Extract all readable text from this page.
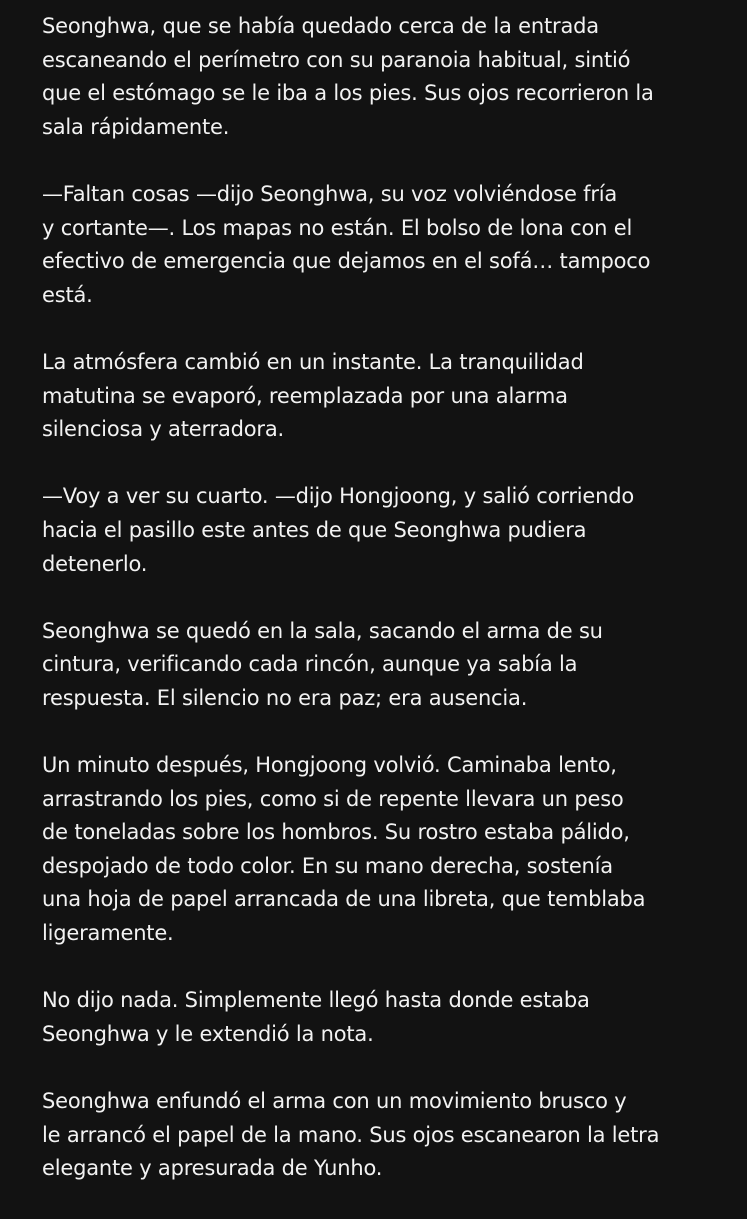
Seonghwa, que se había quedado cerca de la entrada
escaneando el perímetro con su paranoia habitual, sintió
que el estómago se le iba a los pies. Sus ojos recorrieron la
sala rápidamente.

—Faltan cosas —dijo Seonghwa, su voz volviéndose fría
y cortante—. Los mapas no están. El bolso de lona con el
efectivo de emergencia que dejamos en el sofá… tampoco
está.

La atmósfera cambió en un instante. La tranquilidad
matutina se evaporó, reemplazada por una alarma
silenciosa y aterradora.

—Voy a ver su cuarto. —dijo Hongjoong, y salió corriendo
hacia el pasillo este antes de que Seonghwa pudiera
detenerlo.

Seonghwa se quedó en la sala, sacando el arma de su
cintura, verificando cada rincón, aunque ya sabía la
respuesta. El silencio no era paz; era ausencia.

Un minuto después, Hongjoong volvió. Caminaba lento,
arrastrando los pies, como si de repente llevara un peso
de toneladas sobre los hombros. Su rostro estaba pálido,
despojado de todo color. En su mano derecha, sostenía
una hoja de papel arrancada de una libreta, que temblaba
ligeramente.

No dijo nada. Simplemente llegó hasta donde estaba
Seonghwa y le extendió la nota.

Seonghwa enfundó el arma con un movimiento brusco y
le arrancó el papel de la mano. Sus ojos escanearon la letra
elegante y apresurada de Yunho.
